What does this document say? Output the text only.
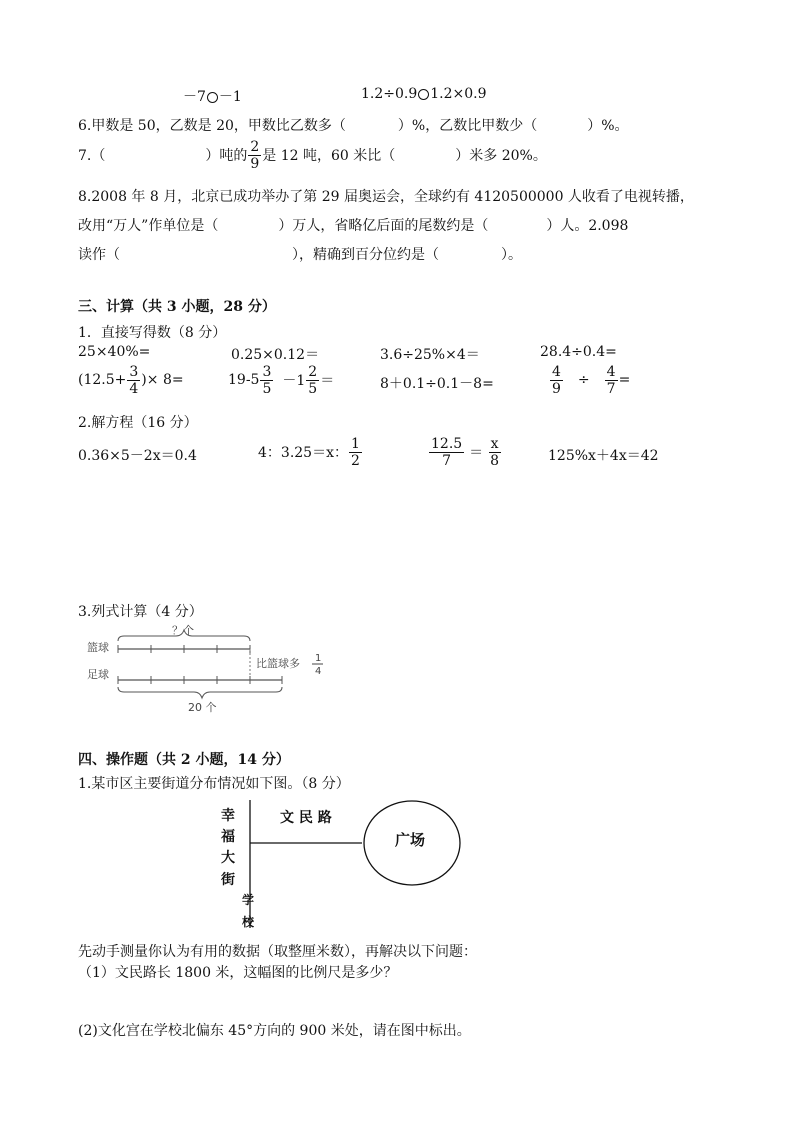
－7 －1	1.2÷0.9 1.2×0.9
6.甲数是 50，乙数是 20，甲数比乙数多（	）%，乙数比甲数少（	）%。
7.（	）吨的 $\frac{2}{9}$ 是 12 吨，60 米比（	）米多 20%。
8.2008 年 8 月，北京已成功举办了第 29 届奥运会，全球约有 4120500000 人收看了电视转播，
改用“万人”作单位是（	）万人，省略亿后面的尾数约是（	）人。2.098
读作（	），精确到百分位约是（	）。
三、计算（共 3 小题，28 分）
1．直接写得数（8 分）
25×40%=	0.25×0.12＝	3.6÷25%×4＝	28.4÷0.4=
($12.5+ \frac{3}{4}$ )× 8=	$19-5 \frac{3}{5} -1 \frac{2}{5}$ ＝	8＋0.1÷0.1－8=	$\frac{4}{9} \div \frac{4}{7}$ =
2.解方程（16 分）
0.36×5－2x＝0.4	4：3.25＝x： $\frac{1}{2}$	$\frac{12.5}{7} = \frac{x}{8}$	125%x＋4x＝42
3.列式计算（4 分）
篮球
？个
比篮球多 1
4
足球
20 个
四、操作题（共 2 小题，14 分）
1.某市区主要街道分布情况如下图。（8 分）
幸
福
大
街
文 民 路
广场
学
校
先动手测量你认为有用的数据（取整厘米数），再解决以下问题：
（1）文民路长 1800 米，这幅图的比例尺是多少？
(2)文化宫在学校北偏东 45°方向的 900 米处，请在图中标出。
